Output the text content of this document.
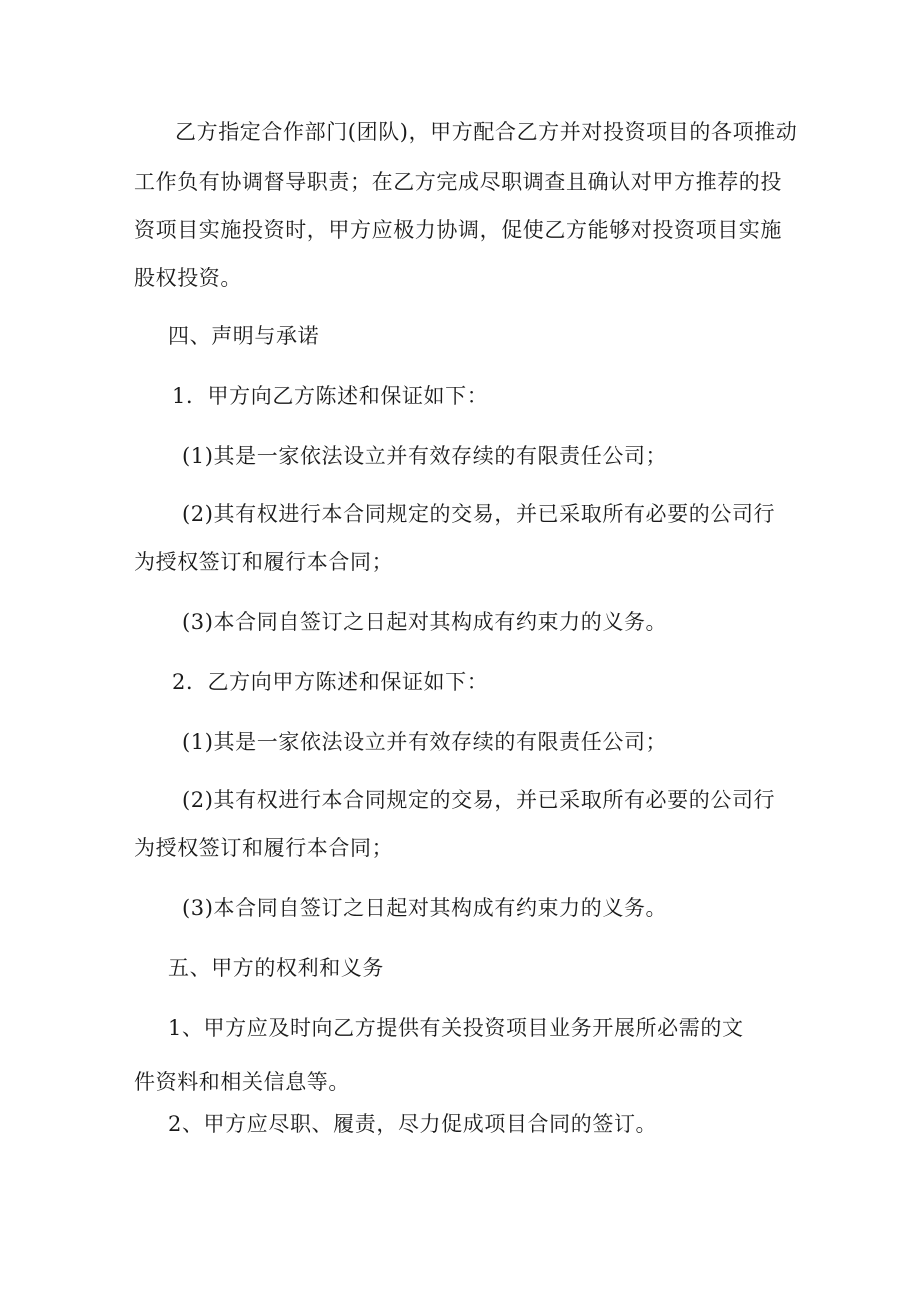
乙方指定合作部门(团队)，甲方配合乙方并对投资项目的各项推动

工作负有协调督导职责；在乙方完成尽职调查且确认对甲方推荐的投

资项目实施投资时，甲方应极力协调，促使乙方能够对投资项目实施

股权投资。

四、声明与承诺

1．甲方向乙方陈述和保证如下：

(1)其是一家依法设立并有效存续的有限责任公司；

(2)其有权进行本合同规定的交易，并已采取所有必要的公司行

为授权签订和履行本合同；

(3)本合同自签订之日起对其构成有约束力的义务。

2．乙方向甲方陈述和保证如下：

(1)其是一家依法设立并有效存续的有限责任公司；

(2)其有权进行本合同规定的交易，并已采取所有必要的公司行

为授权签订和履行本合同；

(3)本合同自签订之日起对其构成有约束力的义务。

五、甲方的权利和义务

1、甲方应及时向乙方提供有关投资项目业务开展所必需的文

件资料和相关信息等。

2、甲方应尽职、履责，尽力促成项目合同的签订。
